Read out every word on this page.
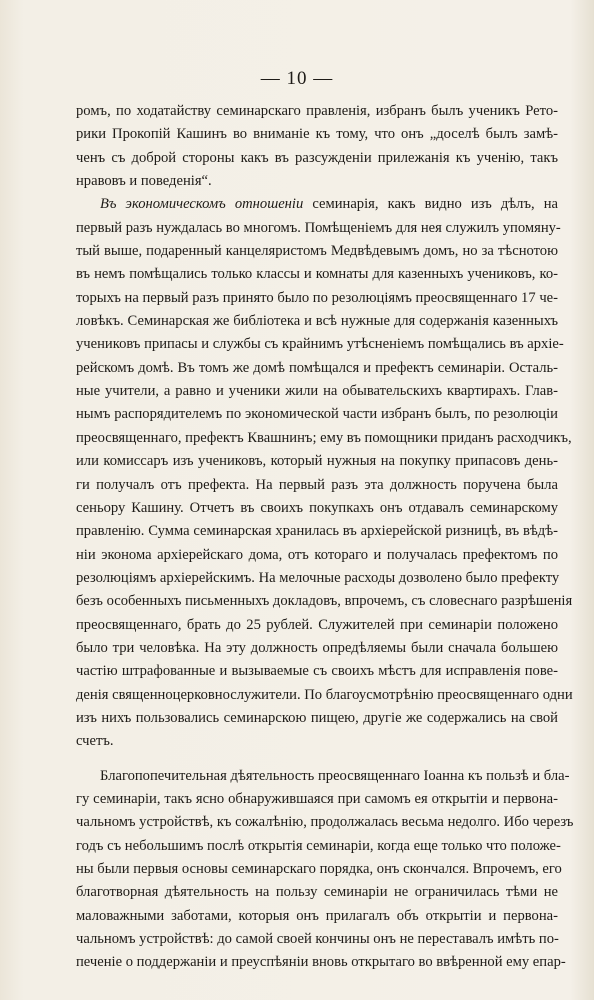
— 10 —
ромъ, по ходатайству семинарскаго правленія, избранъ былъ ученикъ Рето-
рики Прокопій Кашинъ во вниманіе къ тому, что онъ „доселѣ былъ замѣ-
ченъ съ доброй стороны какъ въ разсужденіи прилежанія къ ученію, такъ
нравовъ и поведенія“.
Въ экономическомъ отношеніи семинарія, какъ видно изъ дѣлъ, на
первый разъ нуждалась во многомъ. Помѣщеніемъ для нея служилъ упомяну-
тый выше, подаренный канцеляристомъ Медвѣдевымъ домъ, но за тѣснотою
въ немъ помѣщались только классы и комнаты для казенныхъ учениковъ, ко-
торыхъ на первый разъ принято было по резолюціямъ преосвященнаго 17 че-
ловѣкъ. Семинарская же библіотека и всѣ нужные для содержанія казенныхъ
учениковъ припасы и службы съ крайнимъ утѣсненіемъ помѣщались въ архіе-
рейскомъ домѣ. Въ томъ же домѣ помѣщался и префектъ семинаріи. Осталь-
ные учители, а равно и ученики жили на обывательскихъ квартирахъ. Глав-
нымъ распорядителемъ по экономической части избранъ былъ, по резолюціи
преосвященнаго, префектъ Квашнинъ; ему въ помощники приданъ расходчикъ,
или комиссаръ изъ учениковъ, который нужныя на покупку припасовъ день-
ги получалъ отъ префекта. На первый разъ эта должность поручена была
сеньору Кашину. Отчетъ въ своихъ покупкахъ онъ отдавалъ семинарскому
правленію. Сумма семинарская хранилась въ архіерейской ризницѣ, въ вѣдѣ-
ніи эконома архіерейскаго дома, отъ котораго и получалась префектомъ по
резолюціямъ архіерейскимъ. На мелочные расходы дозволено было префекту
безъ особенныхъ письменныхъ докладовъ, впрочемъ, съ словеснаго разрѣшенія
преосвященнаго, брать до 25 рублей. Служителей при семинаріи положено
было три человѣка. На эту должность опредѣляемы были сначала большею
частію штрафованные и вызываемые съ своихъ мѣстъ для исправленія пове-
денія священноцерковнослужители. По благоусмотрѣнію преосвященнаго одни
изъ нихъ пользовались семинарскою пищею, другіе же содержались на свой
счетъ.
Благопопечительная дѣятельность преосвященнаго Іоанна къ пользѣ и бла-
гу семинаріи, такъ ясно обнаружившаяся при самомъ ея открытіи и первона-
чальномъ устройствѣ, къ сожалѣнію, продолжалась весьма недолго. Ибо черезъ
годъ съ небольшимъ послѣ открытія семинаріи, когда еще только что положе-
ны были первыя основы семинарскаго порядка, онъ скончался. Впрочемъ, его
благотворная дѣятельность на пользу семинаріи не ограничилась тѣми не
маловажными заботами, которыя онъ прилагалъ объ открытіи и первона-
чальномъ устройствѣ: до самой своей кончины онъ не переставалъ имѣть по-
печеніе о поддержаніи и преуспѣяніи вновь открытаго во ввѣренной ему епар-
